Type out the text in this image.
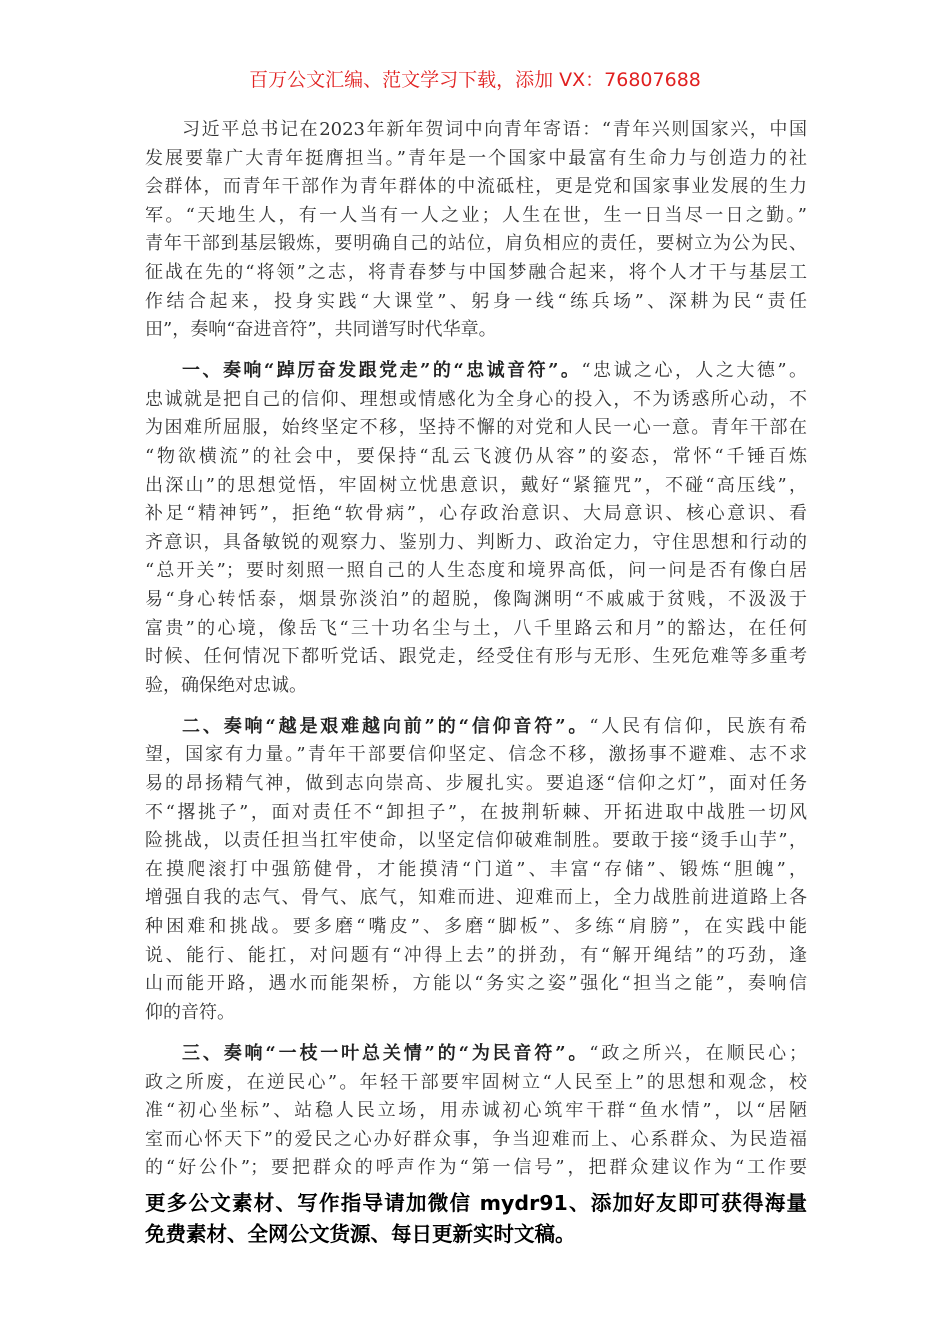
百万公文汇编、范文学习下载，添加 VX：76807688
习近平总书记在2023年新年贺词中向青年寄语：“青年兴则国家兴，中国
发展要靠广大青年挺膺担当。”青年是一个国家中最富有生命力与创造力的社
会群体，而青年干部作为青年群体的中流砥柱，更是党和国家事业发展的生力
军。“天地生人，有一人当有一人之业；人生在世，生一日当尽一日之勤。”
青年干部到基层锻炼，要明确自己的站位，肩负相应的责任，要树立为公为民、
征战在先的“将领”之志，将青春梦与中国梦融合起来，将个人才干与基层工
作结合起来，投身实践“大课堂”、躬身一线“练兵场”、深耕为民“责任
田”，奏响“奋进音符”，共同谱写时代华章。
一、奏响“踔厉奋发跟党走”的“忠诚音符”。“忠诚之心，人之大德”。
忠诚就是把自己的信仰、理想或情感化为全身心的投入，不为诱惑所心动，不
为困难所屈服，始终坚定不移，坚持不懈的对党和人民一心一意。青年干部在
“物欲横流”的社会中，要保持“乱云飞渡仍从容”的姿态，常怀“千锤百炼
出深山”的思想觉悟，牢固树立忧患意识，戴好“紧箍咒”，不碰“高压线”，
补足“精神钙”，拒绝“软骨病”，心存政治意识、大局意识、核心意识、看
齐意识，具备敏锐的观察力、鉴别力、判断力、政治定力，守住思想和行动的
“总开关”；要时刻照一照自己的人生态度和境界高低，问一问是否有像白居
易“身心转恬泰，烟景弥淡泊”的超脱，像陶渊明“不戚戚于贫贱，不汲汲于
富贵”的心境，像岳飞“三十功名尘与土，八千里路云和月”的豁达，在任何
时候、任何情况下都听党话、跟党走，经受住有形与无形、生死危难等多重考
验，确保绝对忠诚。
二、奏响“越是艰难越向前”的“信仰音符”。“人民有信仰，民族有希
望，国家有力量。”青年干部要信仰坚定、信念不移，激扬事不避难、志不求
易的昂扬精气神，做到志向崇高、步履扎实。要追逐“信仰之灯”，面对任务
不“撂挑子”，面对责任不“卸担子”，在披荆斩棘、开拓进取中战胜一切风
险挑战，以责任担当扛牢使命，以坚定信仰破难制胜。要敢于接“烫手山芋”，
在摸爬滚打中强筋健骨，才能摸清“门道”、丰富“存储”、锻炼“胆魄”，
增强自我的志气、骨气、底气，知难而进、迎难而上，全力战胜前进道路上各
种困难和挑战。要多磨“嘴皮”、多磨“脚板”、多练“肩膀”，在实践中能
说、能行、能扛，对问题有“冲得上去”的拼劲，有“解开绳结”的巧劲，逢
山而能开路，遇水而能架桥，方能以“务实之姿”强化“担当之能”，奏响信
仰的音符。
三、奏响“一枝一叶总关情”的“为民音符”。“政之所兴，在顺民心；
政之所废，在逆民心”。年轻干部要牢固树立“人民至上”的思想和观念，校
准“初心坐标”、站稳人民立场，用赤诚初心筑牢干群“鱼水情”，以“居陋
室而心怀天下”的爱民之心办好群众事，争当迎难而上、心系群众、为民造福
的“好公仆”；要把群众的呼声作为“第一信号”，把群众建议作为“工作要
更多公文素材、写作指导请加微信 mydr91、添加好友即可获得海量
免费素材、全网公文货源、每日更新实时文稿。
